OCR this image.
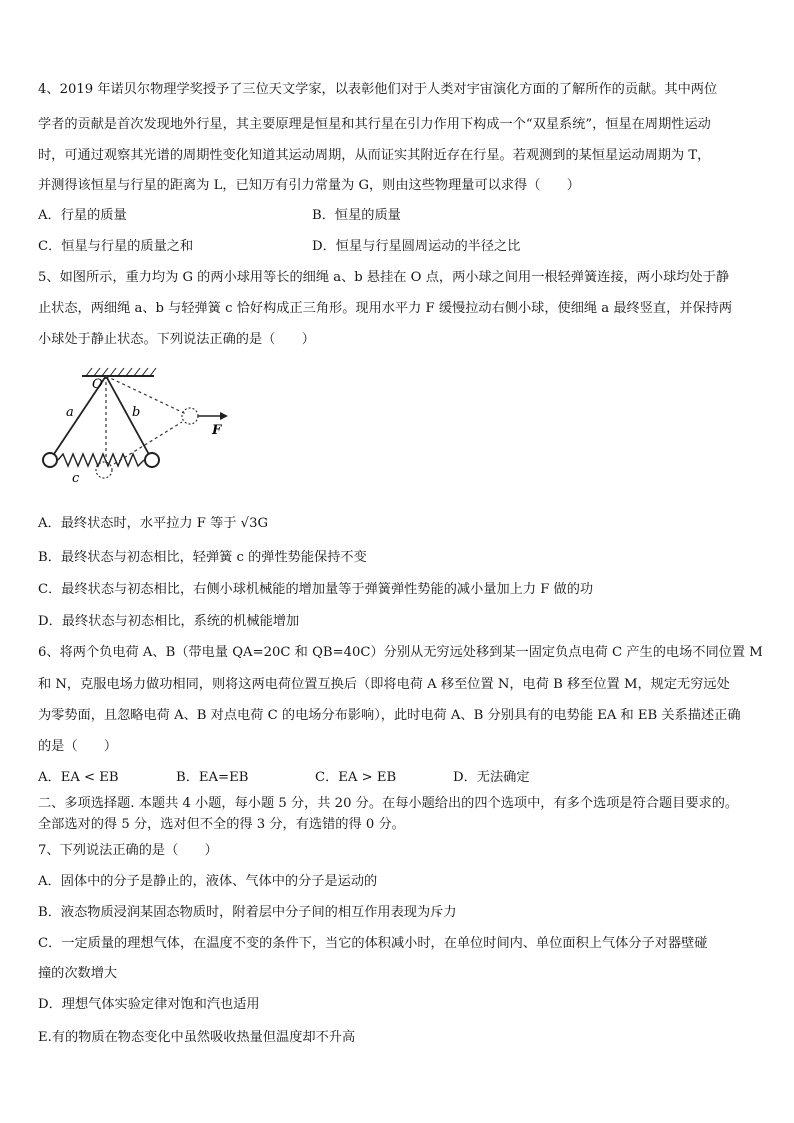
4、2019 年诺贝尔物理学奖授予了三位天文学家，以表彰他们对于人类对宇宙演化方面的了解所作的贡献。其中两位
学者的贡献是首次发现地外行星，其主要原理是恒星和其行星在引力作用下构成一个“双星系统”，恒星在周期性运动
时，可通过观察其光谱的周期性变化知道其运动周期，从而证实其附近存在行星。若观测到的某恒星运动周期为 T，
并测得该恒星与行星的距离为 L，已知万有引力常量为 G，则由这些物理量可以求得（　　）
A．行星的质量	B．恒星的质量
C．恒星与行星的质量之和	D．恒星与行星圆周运动的半径之比
5、如图所示，重力均为 G 的两小球用等长的细绳 a、b 悬挂在 O 点，两小球之间用一根轻弹簧连接，两小球均处于静
止状态，两细绳 a、b 与轻弹簧 c 恰好构成正三角形。现用水平力 F 缓慢拉动右侧小球，使细绳 a 最终竖直，并保持两
小球处于静止状态。下列说法正确的是（　　）
O
a	b
c
F
A．最终状态时，水平拉力 F 等于 √3G
B．最终状态与初态相比，轻弹簧 c 的弹性势能保持不变
C．最终状态与初态相比，右侧小球机械能的增加量等于弹簧弹性势能的减小量加上力 F 做的功
D．最终状态与初态相比，系统的机械能增加
6、将两个负电荷 A、B（带电量 QA=20C 和 QB=40C）分别从无穷远处移到某一固定负点电荷 C 产生的电场不同位置 M
和 N，克服电场力做功相同，则将这两电荷位置互换后（即将电荷 A 移至位置 N，电荷 B 移至位置 M，规定无穷远处
为零势面，且忽略电荷 A、B 对点电荷 C 的电场分布影响），此时电荷 A、B 分别具有的电势能 EA 和 EB 关系描述正确
的是（　　）
A．EA < EB	B．EA=EB	C．EA > EB	D．无法确定
二、多项选择题. 本题共 4 小题，每小题 5 分，共 20 分。在每小题给出的四个选项中，有多个选项是符合题目要求的。
全部选对的得 5 分，选对但不全的得 3 分，有选错的得 0 分。
7、下列说法正确的是（　　）
A．固体中的分子是静止的，液体、气体中的分子是运动的
B．液态物质浸润某固态物质时，附着层中分子间的相互作用表现为斥力
C．一定质量的理想气体，在温度不变的条件下，当它的体积减小时，在单位时间内、单位面积上气体分子对器壁碰
撞的次数增大
D．理想气体实验定律对饱和汽也适用
E.有的物质在物态变化中虽然吸收热量但温度却不升高
